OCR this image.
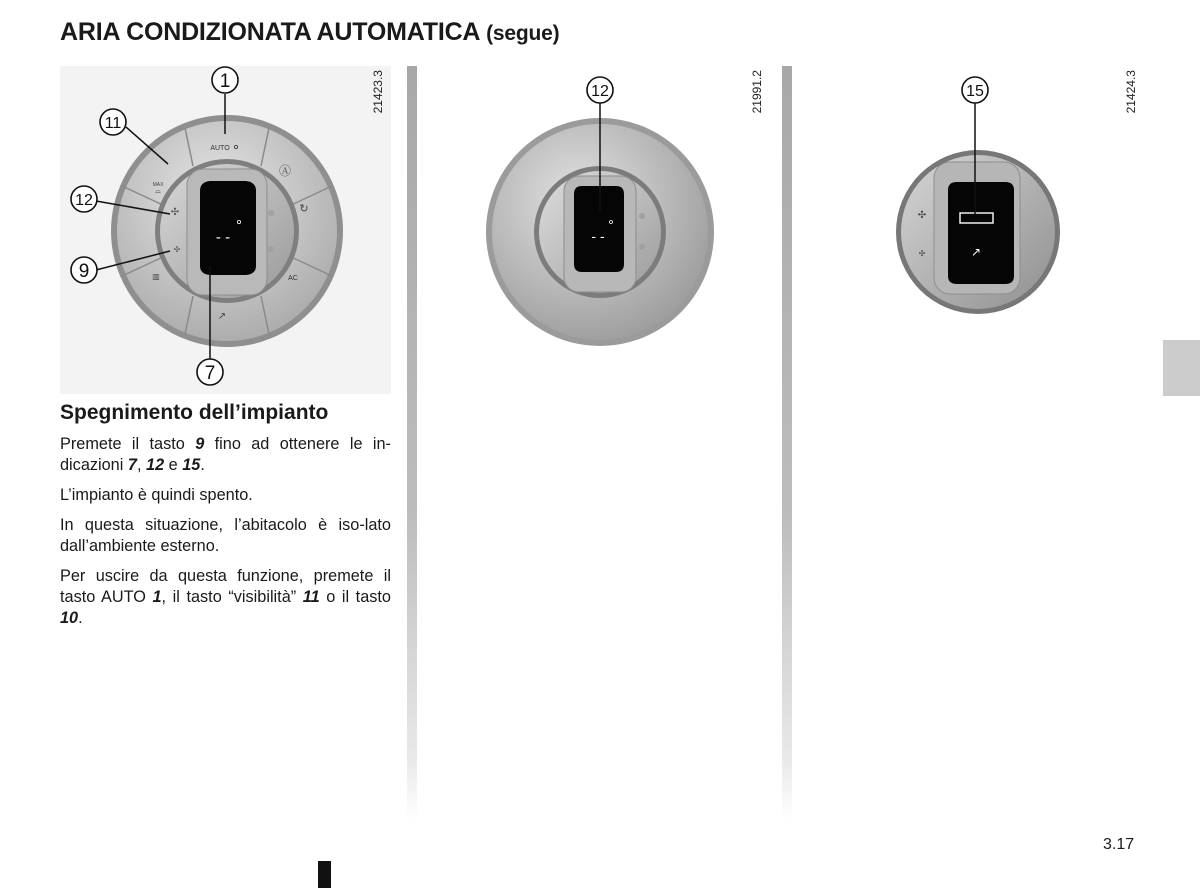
ARIA CONDIZIONATA AUTOMATICA (segue)
- -
✣
✣
AUTO
AC
MAX
⌓
Ⓐ
↻
▥
↗
1
11
12
9
7
21423.3
- -
12	21991.2
↗
✣
✣
15	21424.3
Spegnimento dell’impianto

Premete il tasto 9 fino ad ottenere le in-dicazioni 7, 12 e 15.

L’impianto è quindi spento.

In questa situazione, l’abitacolo è iso-lato dall’ambiente esterno.

Per uscire da questa funzione, premete il tasto AUTO 1, il tasto “visibilità” 11 o il tasto 10.

3.17
